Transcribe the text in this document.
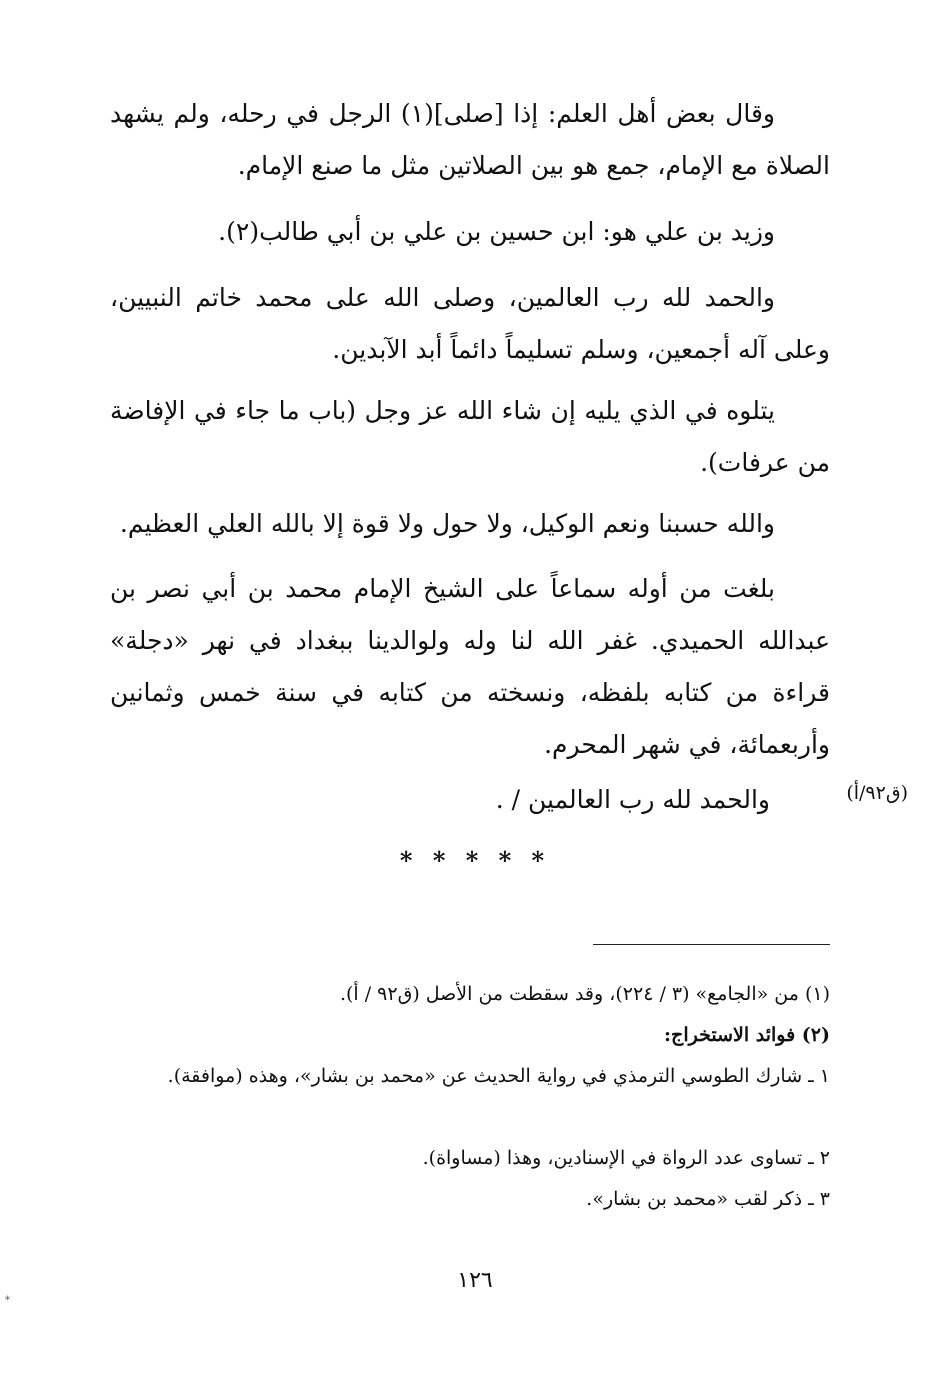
وقال بعض أهل العلم: إذا [صلى](١) الرجل في رحله، ولم يشهد الصلاة مع الإمام، جمع هو بين الصلاتين مثل ما صنع الإمام.
وزيد بن علي هو: ابن حسين بن علي بن أبي طالب(٢).
والحمد لله رب العالمين، وصلى الله على محمد خاتم النبيين، وعلى آله أجمعين، وسلم تسليماً دائماً أبد الآبدين.
يتلوه في الذي يليه إن شاء الله عز وجل (باب ما جاء في الإفاضة من عرفات).
والله حسبنا ونعم الوكيل، ولا حول ولا قوة إلا بالله العلي العظيم.
بلغت من أوله سماعاً على الشيخ الإمام محمد بن أبي نصر بن عبدالله الحميدي. غفر الله لنا وله ولوالدينا ببغداد في نهر «دجلة» قراءة من كتابه بلفظه، ونسخته من كتابه في سنة خمس وثمانين وأربعمائة، في شهر المحرم.
والحمد لله رب العالمين / .	(ق٩٢/أ)
* * * * *
(١) من «الجامع» (٣ / ٢٢٤)، وقد سقطت من الأصل (ق٩٢ / أ).
(٢) فوائد الاستخراج:
١ ـ شارك الطوسي الترمذي في رواية الحديث عن «محمد بن بشار»، وهذه (موافقة).
٢ ـ تساوى عدد الرواة في الإسنادين، وهذا (مساواة).
٣ ـ ذكر لقب «محمد بن بشار».
١٢٦
*
